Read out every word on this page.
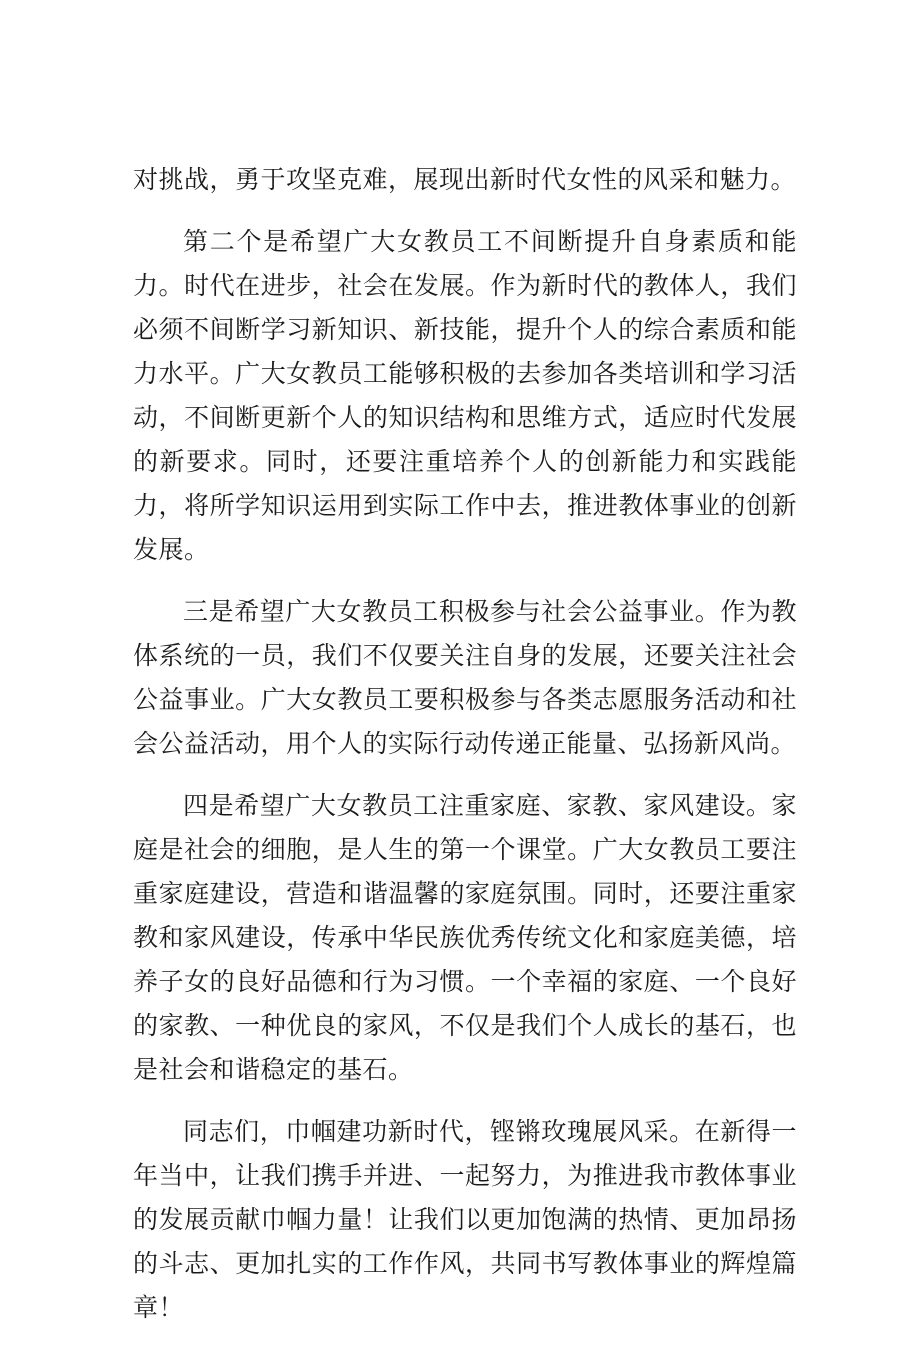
对挑战，勇于攻坚克难，展现出新时代女性的风采和魅力。

第二个是希望广大女教员工不间断提升自身素质和能力。时代在进步，社会在发展。作为新时代的教体人，我们必须不间断学习新知识、新技能，提升个人的综合素质和能力水平。广大女教员工能够积极的去参加各类培训和学习活动，不间断更新个人的知识结构和思维方式，适应时代发展的新要求。同时，还要注重培养个人的创新能力和实践能力，将所学知识运用到实际工作中去，推进教体事业的创新发展。

三是希望广大女教员工积极参与社会公益事业。作为教体系统的一员，我们不仅要关注自身的发展，还要关注社会公益事业。广大女教员工要积极参与各类志愿服务活动和社会公益活动，用个人的实际行动传递正能量、弘扬新风尚。

四是希望广大女教员工注重家庭、家教、家风建设。家庭是社会的细胞，是人生的第一个课堂。广大女教员工要注重家庭建设，营造和谐温馨的家庭氛围。同时，还要注重家教和家风建设，传承中华民族优秀传统文化和家庭美德，培养子女的良好品德和行为习惯。一个幸福的家庭、一个良好的家教、一种优良的家风，不仅是我们个人成长的基石，也是社会和谐稳定的基石。

同志们，巾帼建功新时代，铿锵玫瑰展风采。在新得一年当中，让我们携手并进、一起努力，为推进我市教体事业的发展贡献巾帼力量！让我们以更加饱满的热情、更加昂扬的斗志、更加扎实的工作作风，共同书写教体事业的辉煌篇章！
